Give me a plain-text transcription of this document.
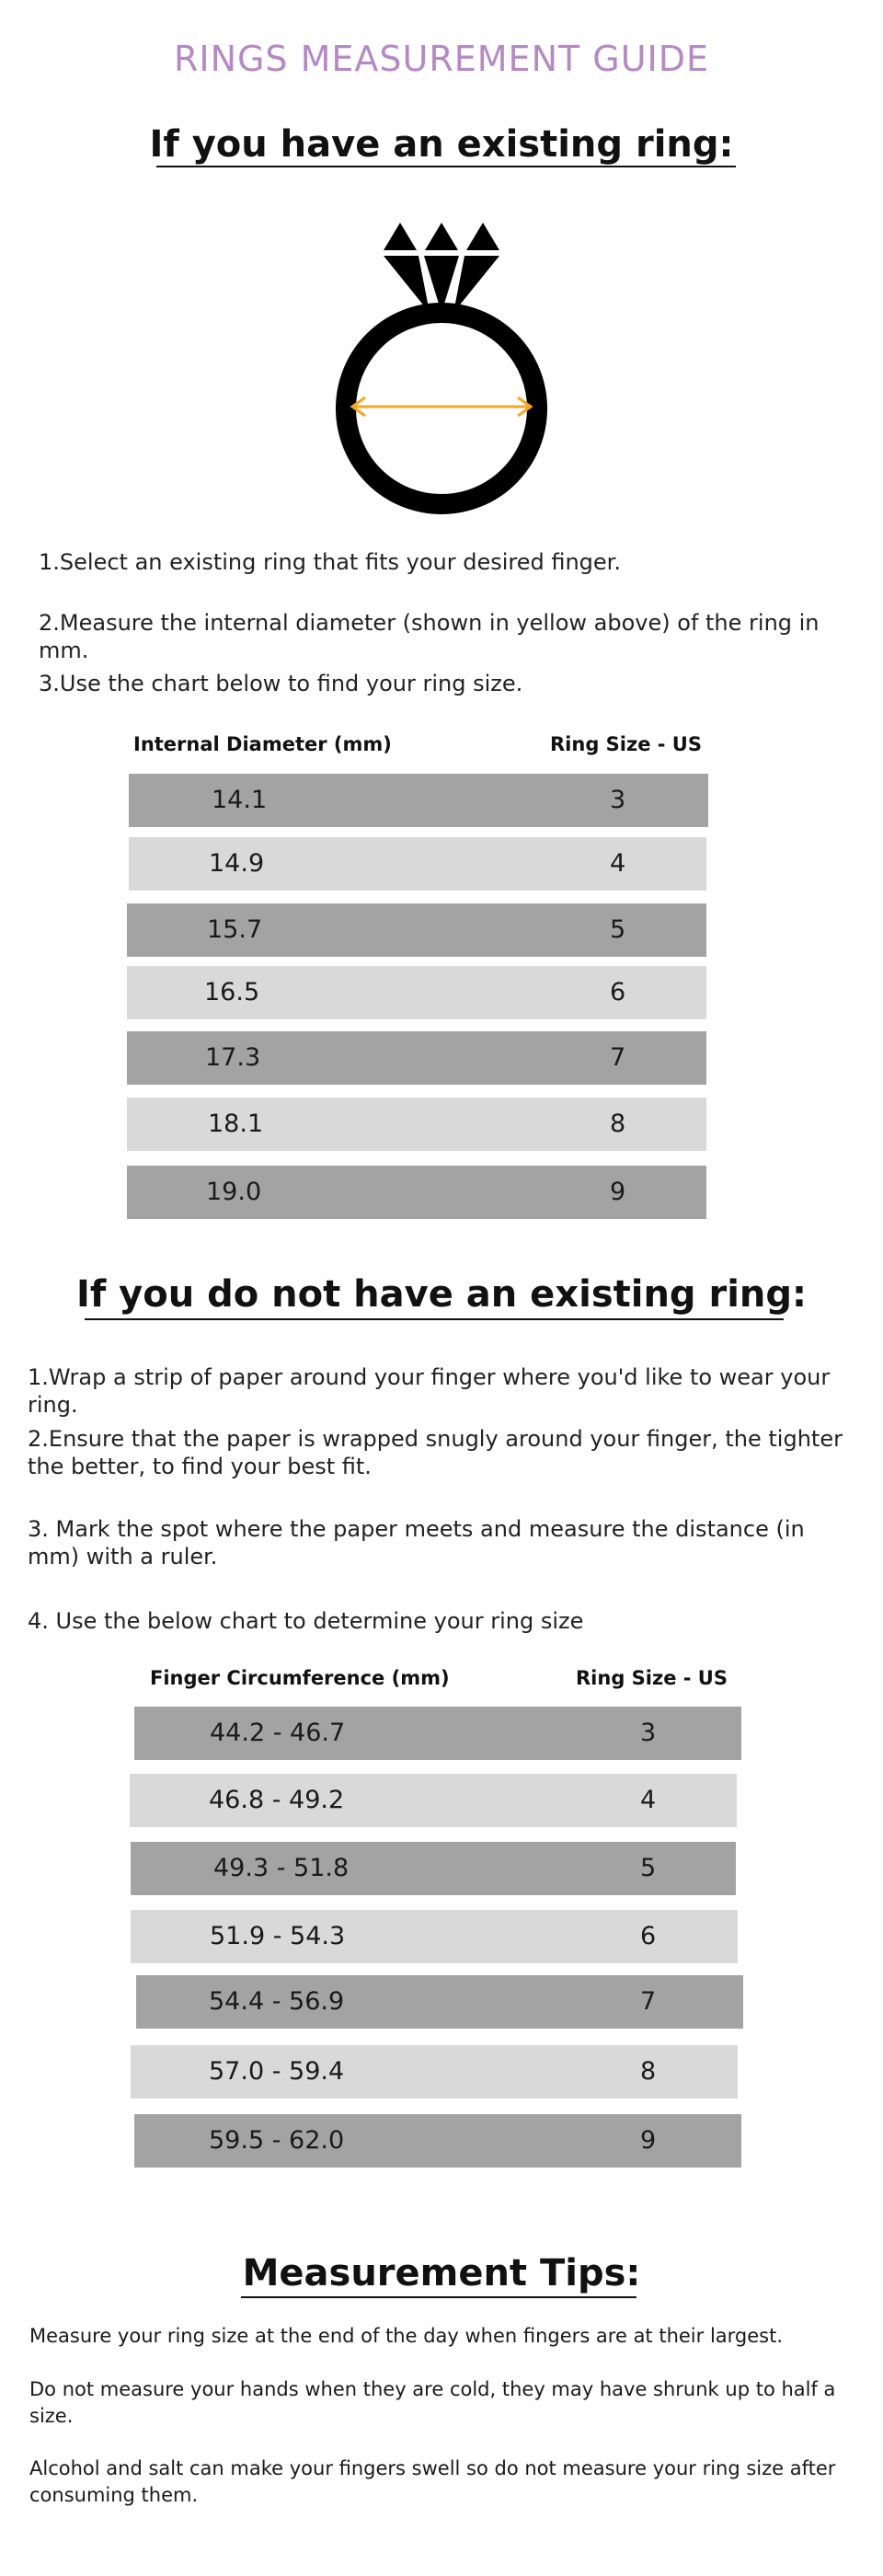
RINGS MEASUREMENT GUIDE
If you have an existing ring:
1.Select an existing ring that fits your desired finger.
2.Measure the internal diameter (shown in yellow above) of the ring in mm.
3.Use the chart below to find your ring size.
Internal Diameter (mm)	Ring Size - US
14.1	3
14.9	4
15.7	5
16.5	6
17.3	7
18.1	8
19.0	9
If you do not have an existing ring:
1.Wrap a strip of paper around your finger where you'd like to wear your ring.
2.Ensure that the paper is wrapped snugly around your finger, the tighter the better, to find your best fit.
3. Mark the spot where the paper meets and measure the distance (in mm) with a ruler.
4. Use the below chart to determine your ring size
Finger Circumference (mm)	Ring Size - US
44.2 - 46.7	3
46.8 - 49.2	4
49.3 - 51.8	5
51.9 - 54.3	6
54.4 - 56.9	7
57.0 - 59.4	8
59.5 - 62.0	9
Measurement Tips:
Measure your ring size at the end of the day when fingers are at their largest.
Do not measure your hands when they are cold, they may have shrunk up to half a size.
Alcohol and salt can make your fingers swell so do not measure your ring size after consuming them.
